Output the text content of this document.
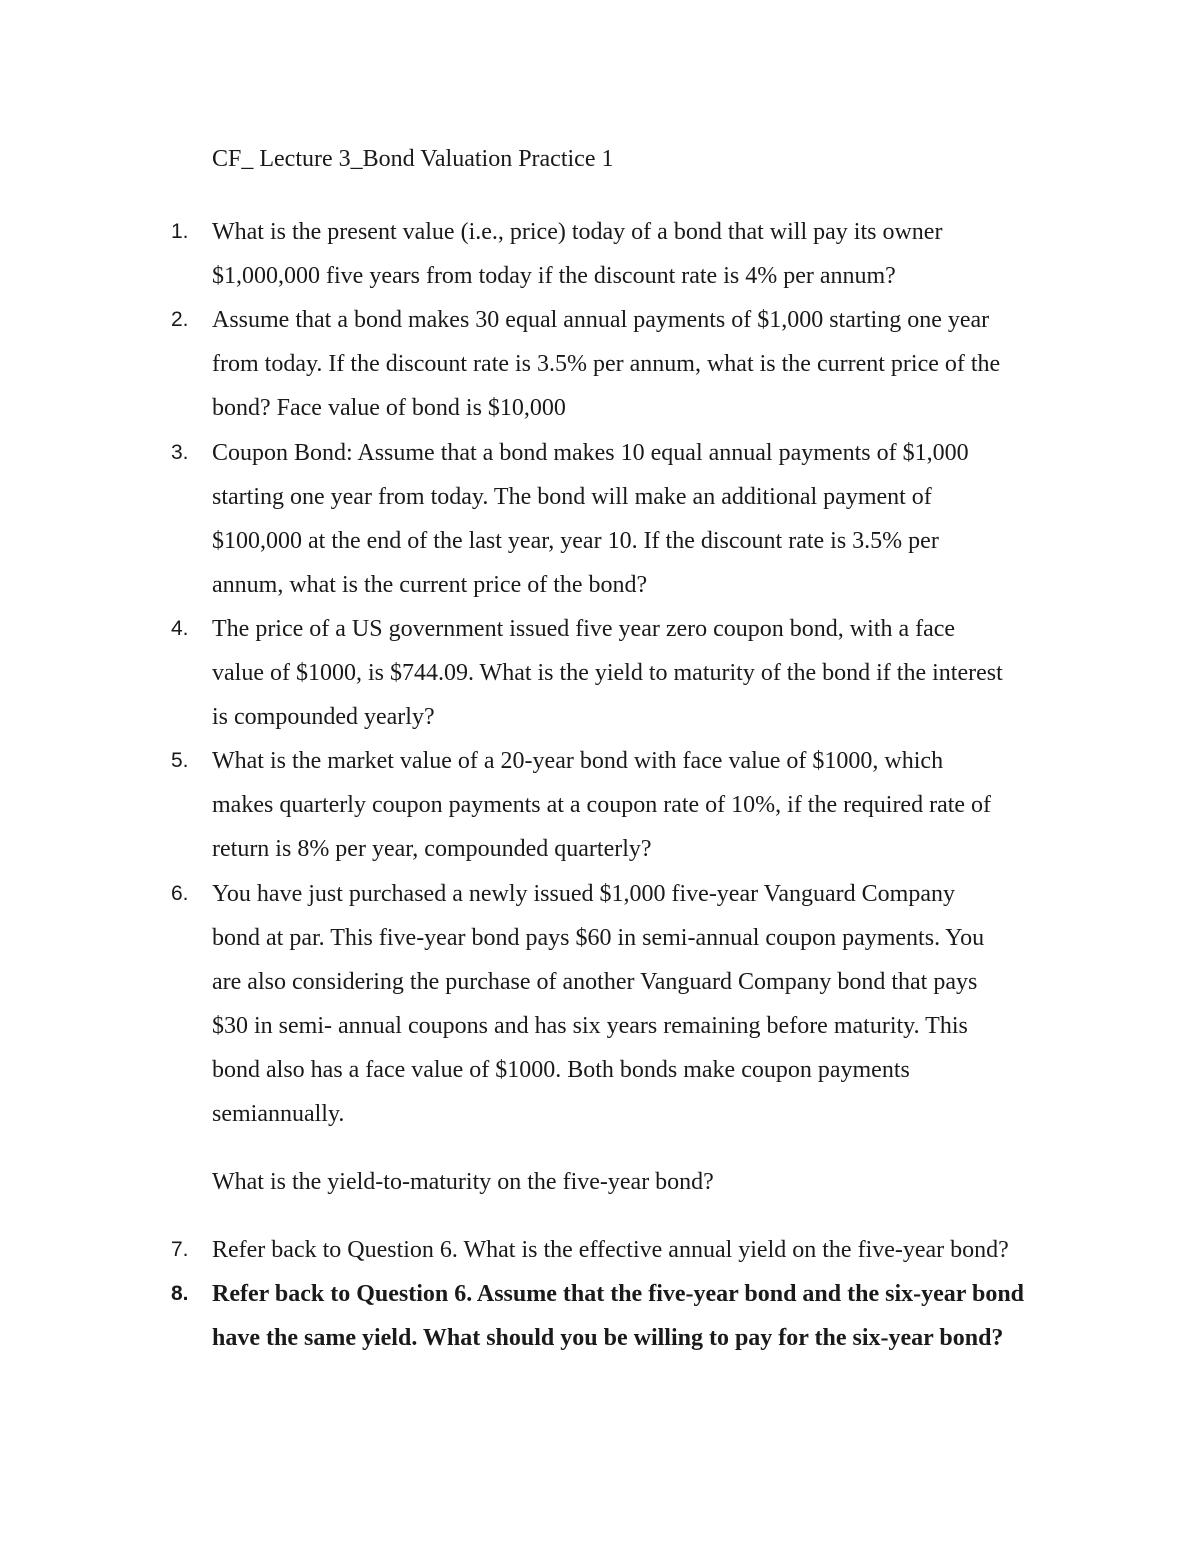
CF_ Lecture 3_Bond Valuation Practice 1
1. What is the present value (i.e., price) today of a bond that will pay its owner
$1,000,000 five years from today if the discount rate is 4% per annum?
2. Assume that a bond makes 30 equal annual payments of $1,000 starting one year
from today. If the discount rate is 3.5% per annum, what is the current price of the
bond? Face value of bond is $10,000
3. Coupon Bond: Assume that a bond makes 10 equal annual payments of $1,000
starting one year from today. The bond will make an additional payment of
$100,000 at the end of the last year, year 10. If the discount rate is 3.5% per
annum, what is the current price of the bond?
4. The price of a US government issued five year zero coupon bond, with a face
value of $1000, is $744.09. What is the yield to maturity of the bond if the interest
is compounded yearly?
5. What is the market value of a 20-year bond with face value of $1000, which
makes quarterly coupon payments at a coupon rate of 10%, if the required rate of
return is 8% per year, compounded quarterly?
6. You have just purchased a newly issued $1,000 five-year Vanguard Company
bond at par. This five-year bond pays $60 in semi-annual coupon payments. You
are also considering the purchase of another Vanguard Company bond that pays
$30 in semi- annual coupons and has six years remaining before maturity. This
bond also has a face value of $1000. Both bonds make coupon payments
semiannually.
What is the yield-to-maturity on the five-year bond?
7. Refer back to Question 6. What is the effective annual yield on the five-year bond?
8. Refer back to Question 6. Assume that the five-year bond and the six-year bond
have the same yield. What should you be willing to pay for the six-year bond?
